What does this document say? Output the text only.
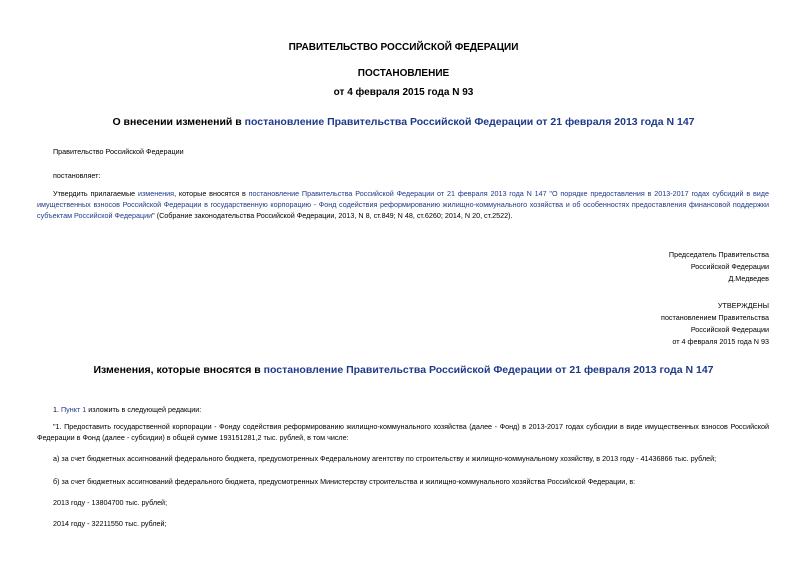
ПРАВИТЕЛЬСТВО РОССИЙСКОЙ ФЕДЕРАЦИИ
ПОСТАНОВЛЕНИЕ
от 4 февраля 2015 года N 93
О внесении изменений в постановление Правительства Российской Федерации от 21 февраля 2013 года N 147
Правительство Российской Федерации
постановляет:
Утвердить прилагаемые изменения, которые вносятся в постановление Правительства Российской Федерации от 21 февраля 2013 года N 147 "О порядке предоставления в 2013-2017 годах субсидий в виде имущественных взносов Российской Федерации в государственную корпорацию - Фонд содействия реформированию жилищно-коммунального хозяйства и об особенностях предоставления финансовой поддержки субъектам Российской Федерации" (Собрание законодательства Российской Федерации, 2013, N 8, ст.849; N 48, ст.6260; 2014, N 20, ст.2522).
Председатель Правительства
Российской Федерации
Д.Медведев
УТВЕРЖДЕНЫ
постановлением Правительства
Российской Федерации
от 4 февраля 2015 года N 93
Изменения, которые вносятся в постановление Правительства Российской Федерации от 21 февраля 2013 года N 147
1. Пункт 1 изложить в следующей редакции:
"1. Предоставить государственной корпорации - Фонду содействия реформированию жилищно-коммунального хозяйства (далее - Фонд) в 2013-2017 годах субсидии в виде имущественных взносов Российской Федерации в Фонд (далее - субсидии) в общей сумме 193151281,2 тыс. рублей, в том числе:
а) за счет бюджетных ассигнований федерального бюджета, предусмотренных Федеральному агентству по строительству и жилищно-коммунальному хозяйству, в 2013 году - 41436866 тыс. рублей;
б) за счет бюджетных ассигнований федерального бюджета, предусмотренных Министерству строительства и жилищно-коммунального хозяйства Российской Федерации, в:
2013 году - 13804700 тыс. рублей;
2014 году - 32211550 тыс. рублей;
